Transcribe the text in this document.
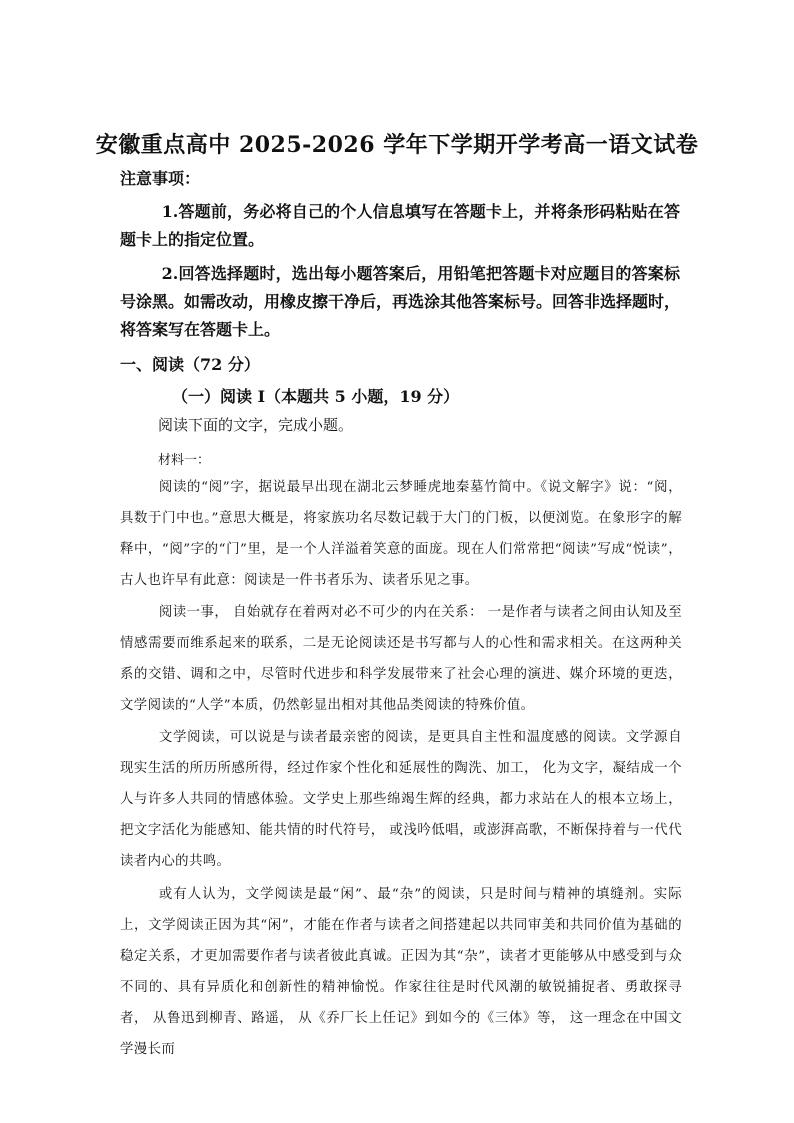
安徽重点高中 2025-2026 学年下学期开学考高一语文试卷
注意事项：
1.答题前，务必将自己的个人信息填写在答题卡上，并将条形码粘贴在答题卡上的指定位置。
2.回答选择题时，选出每小题答案后，用铅笔把答题卡对应题目的答案标号涂黑。如需改动，用橡皮擦干净后，再选涂其他答案标号。回答非选择题时，将答案写在答题卡上。
一、阅读（72 分）
（一）阅读 I（本题共 5 小题，19 分）
阅读下面的文字，完成小题。
材料一：
阅读的“阅”字，据说最早出现在湖北云梦睡虎地秦墓竹简中。《说文解字》说：“阅，具数于门中也。”意思大概是，将家族功名尽数记载于大门的门板，以便浏览。在象形字的解释中，“阅”字的“门”里，是一个人洋溢着笑意的面庞。现在人们常常把“阅读”写成“悦读”，古人也许早有此意：阅读是一件书者乐为、读者乐见之事。
阅读一事， 自始就存在着两对必不可少的内在关系： 一是作者与读者之间由认知及至情感需要而维系起来的联系，二是无论阅读还是书写都与人的心性和需求相关。在这两种关系的交错、调和之中，尽管时代进步和科学发展带来了社会心理的演进、媒介环境的更迭，文学阅读的“人学”本质，仍然彰显出相对其他品类阅读的特殊价值。
文学阅读，可以说是与读者最亲密的阅读，是更具自主性和温度感的阅读。文学源自现实生活的所历所感所得，经过作家个性化和延展性的陶洗、加工， 化为文字，凝结成一个人与许多人共同的情感体验。文学史上那些绵竭生辉的经典，都力求站在人的根本立场上，把文字活化为能感知、能共情的时代符号， 或浅吟低唱，或澎湃高歌，不断保持着与一代代读者内心的共鸣。
或有人认为，文学阅读是最“闲”、最“杂”的阅读，只是时间与精神的填缝剂。实际上，文学阅读正因为其“闲”，才能在作者与读者之间搭建起以共同审美和共同价值为基础的稳定关系，才更加需要作者与读者彼此真诚。正因为其“杂”，读者才更能够从中感受到与众不同的、具有异质化和创新性的精神愉悦。作家往往是时代风潮的敏锐捕捉者、勇敢探寻者， 从鲁迅到柳青、路遥， 从《乔厂长上任记》到如今的《三体》等， 这一理念在中国文学漫长而
